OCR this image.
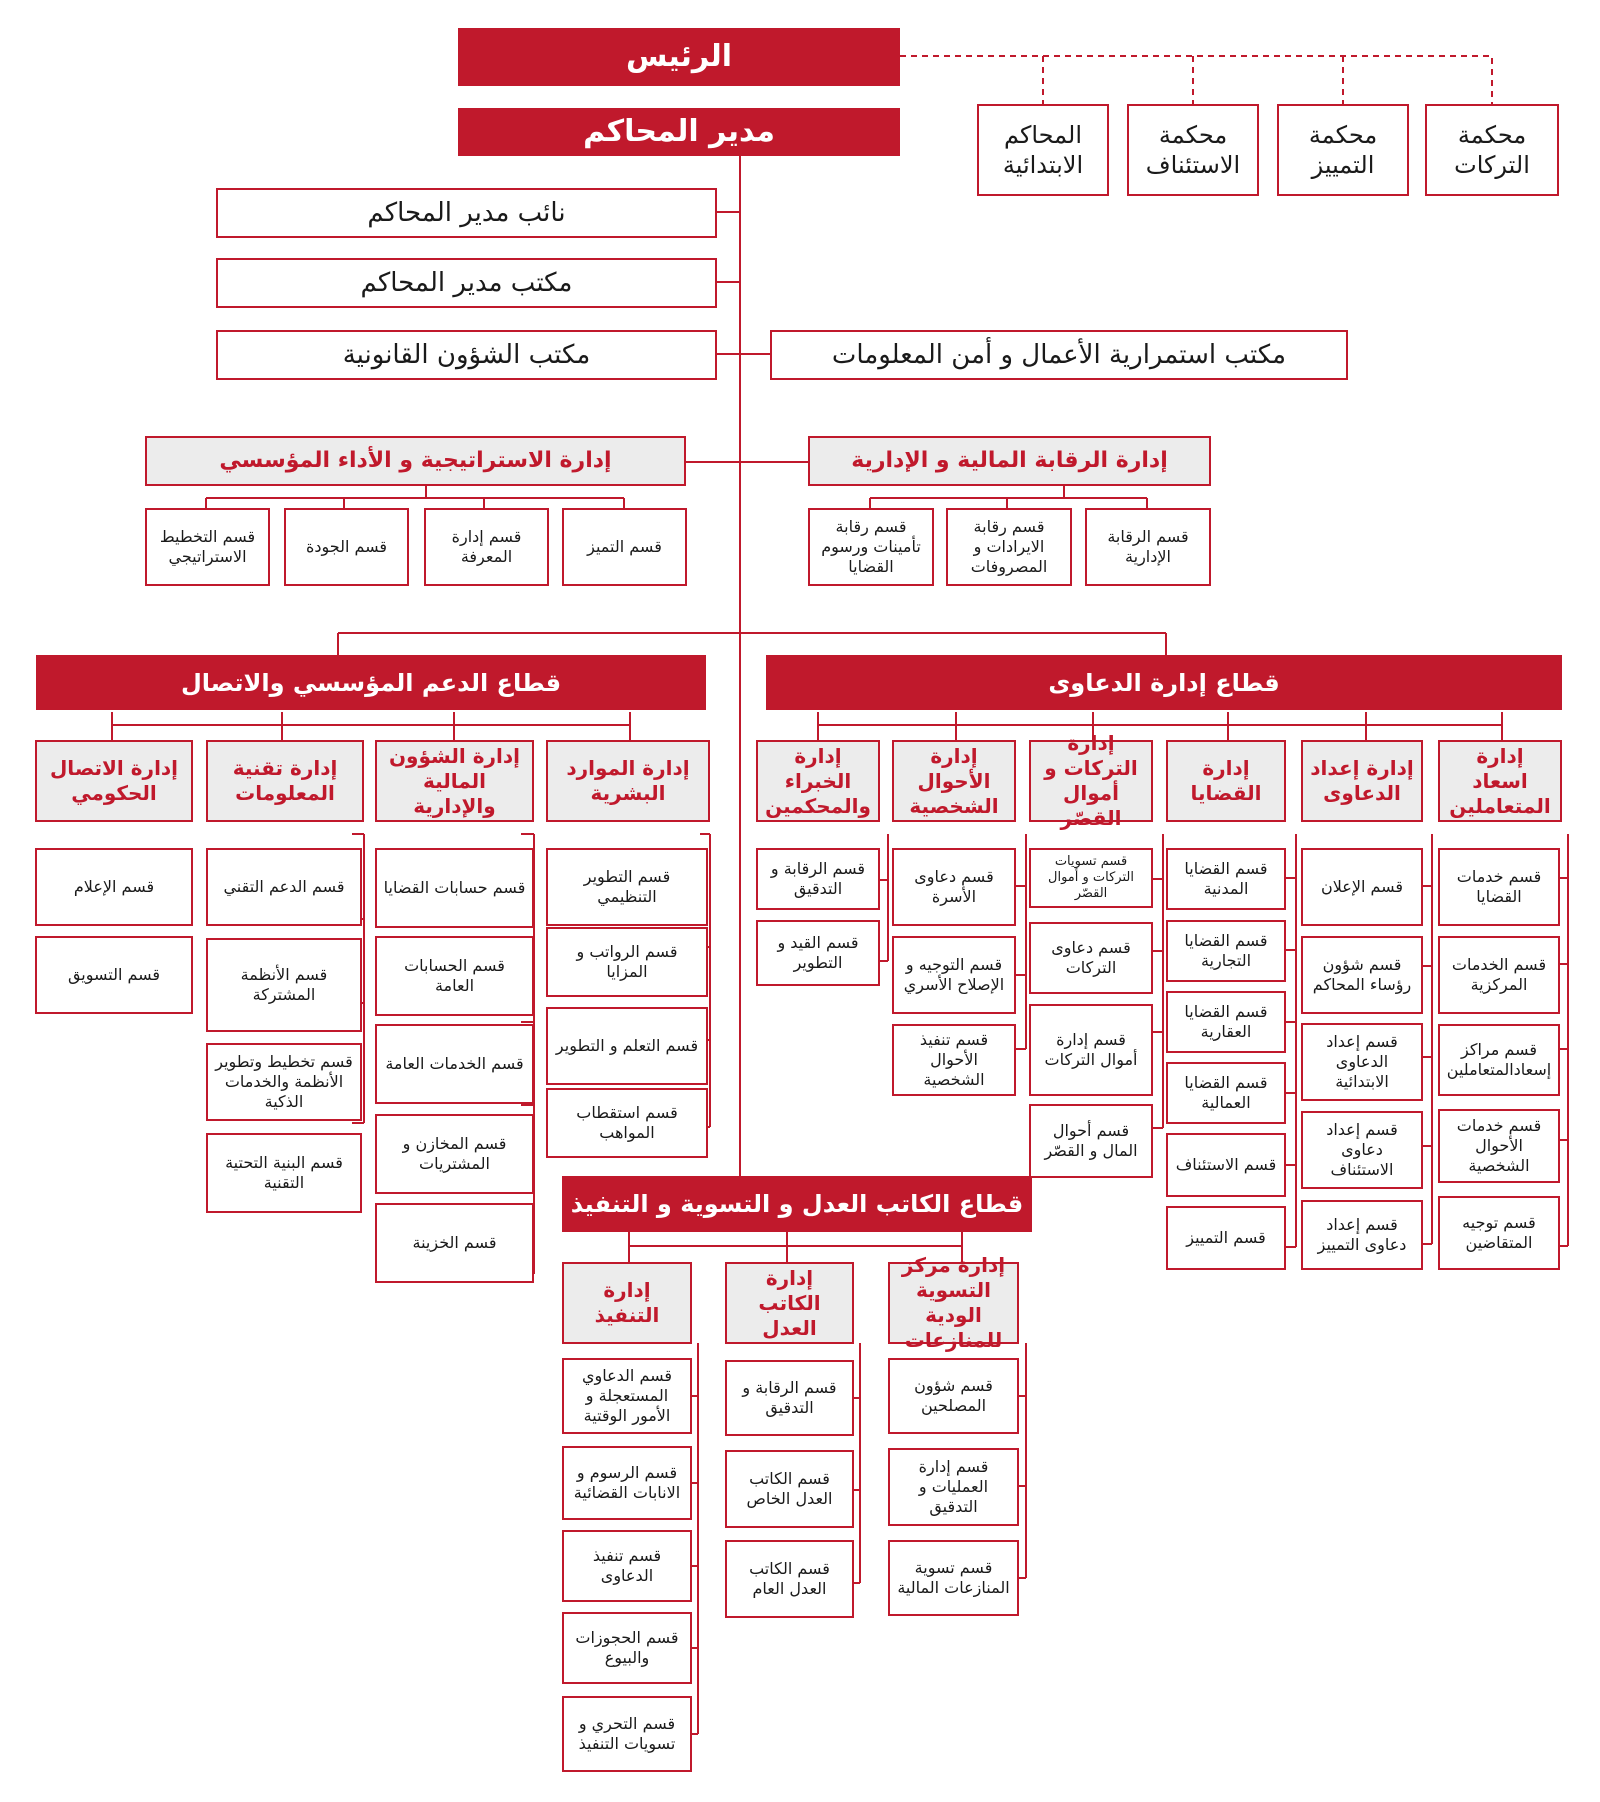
الرئيس
مدير المحاكم	المحاكم الابتدائية
محكمة الاستئناف
محكمة التمييز
محكمة التركات
نائب مدير المحاكم
مكتب مدير المحاكم
مكتب الشؤون القانونية	مكتب استمرارية الأعمال و أمن المعلومات
إدارة الاستراتيجية و الأداء المؤسسي
قسم التخطيط الاستراتيجي
قسم الجودة
قسم إدارة المعرفة
قسم التميز
إدارة الرقابة المالية و الإدارية
قسم رقابة تأمينات ورسوم القضايا
قسم رقابة الايرادات و المصروفات
قسم الرقابة الإدارية
قطاع الدعم المؤسسي والاتصال	قطاع إدارة الدعاوى
قطاع الكاتب العدل و التسوية و التنفيذ
إدارة الاتصال الحكومي
إدارة تقنية المعلومات
إدارة الشؤون المالية والإدارية
إدارة الموارد البشرية
إدارة الخبراء والمحكمين
إدارة الأحوال الشخصية
إدارة التركات و أموال القصّر
إدارة القضايا
إدارة إعداد الدعاوى
إدارة اسعاد المتعاملين
إدارة التنفيذ
إدارة الكاتب العدل
إدارة مركز التسوية الودية للمنازعات
قسم الإعلام
قسم التسويق
قسم الدعم التقني
قسم الأنظمة المشتركة
قسم تخطيط وتطوير الأنظمة والخدمات الذكية
قسم البنية التحتية التقنية
قسم حسابات القضايا
قسم الحسابات العامة
قسم الخدمات العامة
قسم المخازن و المشتريات
قسم الخزينة
قسم التطوير التنظيمي
قسم الرواتب و المزايا
قسم التعلم و التطوير
قسم استقطاب المواهب
قسم الرقابة و التدقيق
قسم القيد و التطوير
قسم دعاوى الأسرة
قسم التوجيه و الإصلاح الأسري
قسم تنفيذ الأحوال الشخصية
قسم تسويات التركات و أموال القصّر
قسم دعاوى التركات
قسم إدارة أموال التركات
قسم أحوال المال و القصّر
قسم القضايا المدنية
قسم القضايا التجارية
قسم القضايا العقارية
قسم القضايا العمالية
قسم الاستئناف
قسم التمييز
قسم الإعلان
قسم شؤون رؤساء المحاكم
قسم إعداد الدعاوى الابتدائية
قسم إعداد دعاوى الاستئناف
قسم إعداد دعاوى التمييز
قسم خدمات القضايا
قسم الخدمات المركزية
قسم مراكز إسعادالمتعاملين
قسم خدمات الأحوال الشخصية
قسم توجيه المتقاضين
قسم الدعاوي المستعجلة و الأمور الوقتية
قسم الرسوم و الانابات القضائية
قسم تنفيذ الدعاوى
قسم الحجوزات والبيوع
قسم التحري و تسويات التنفيذ
قسم الرقابة و التدقيق
قسم الكاتب العدل الخاص
قسم الكاتب العدل العام
قسم شؤون المصلحين
قسم إدارة العمليات و التدقيق
قسم تسوية المنازعات المالية
